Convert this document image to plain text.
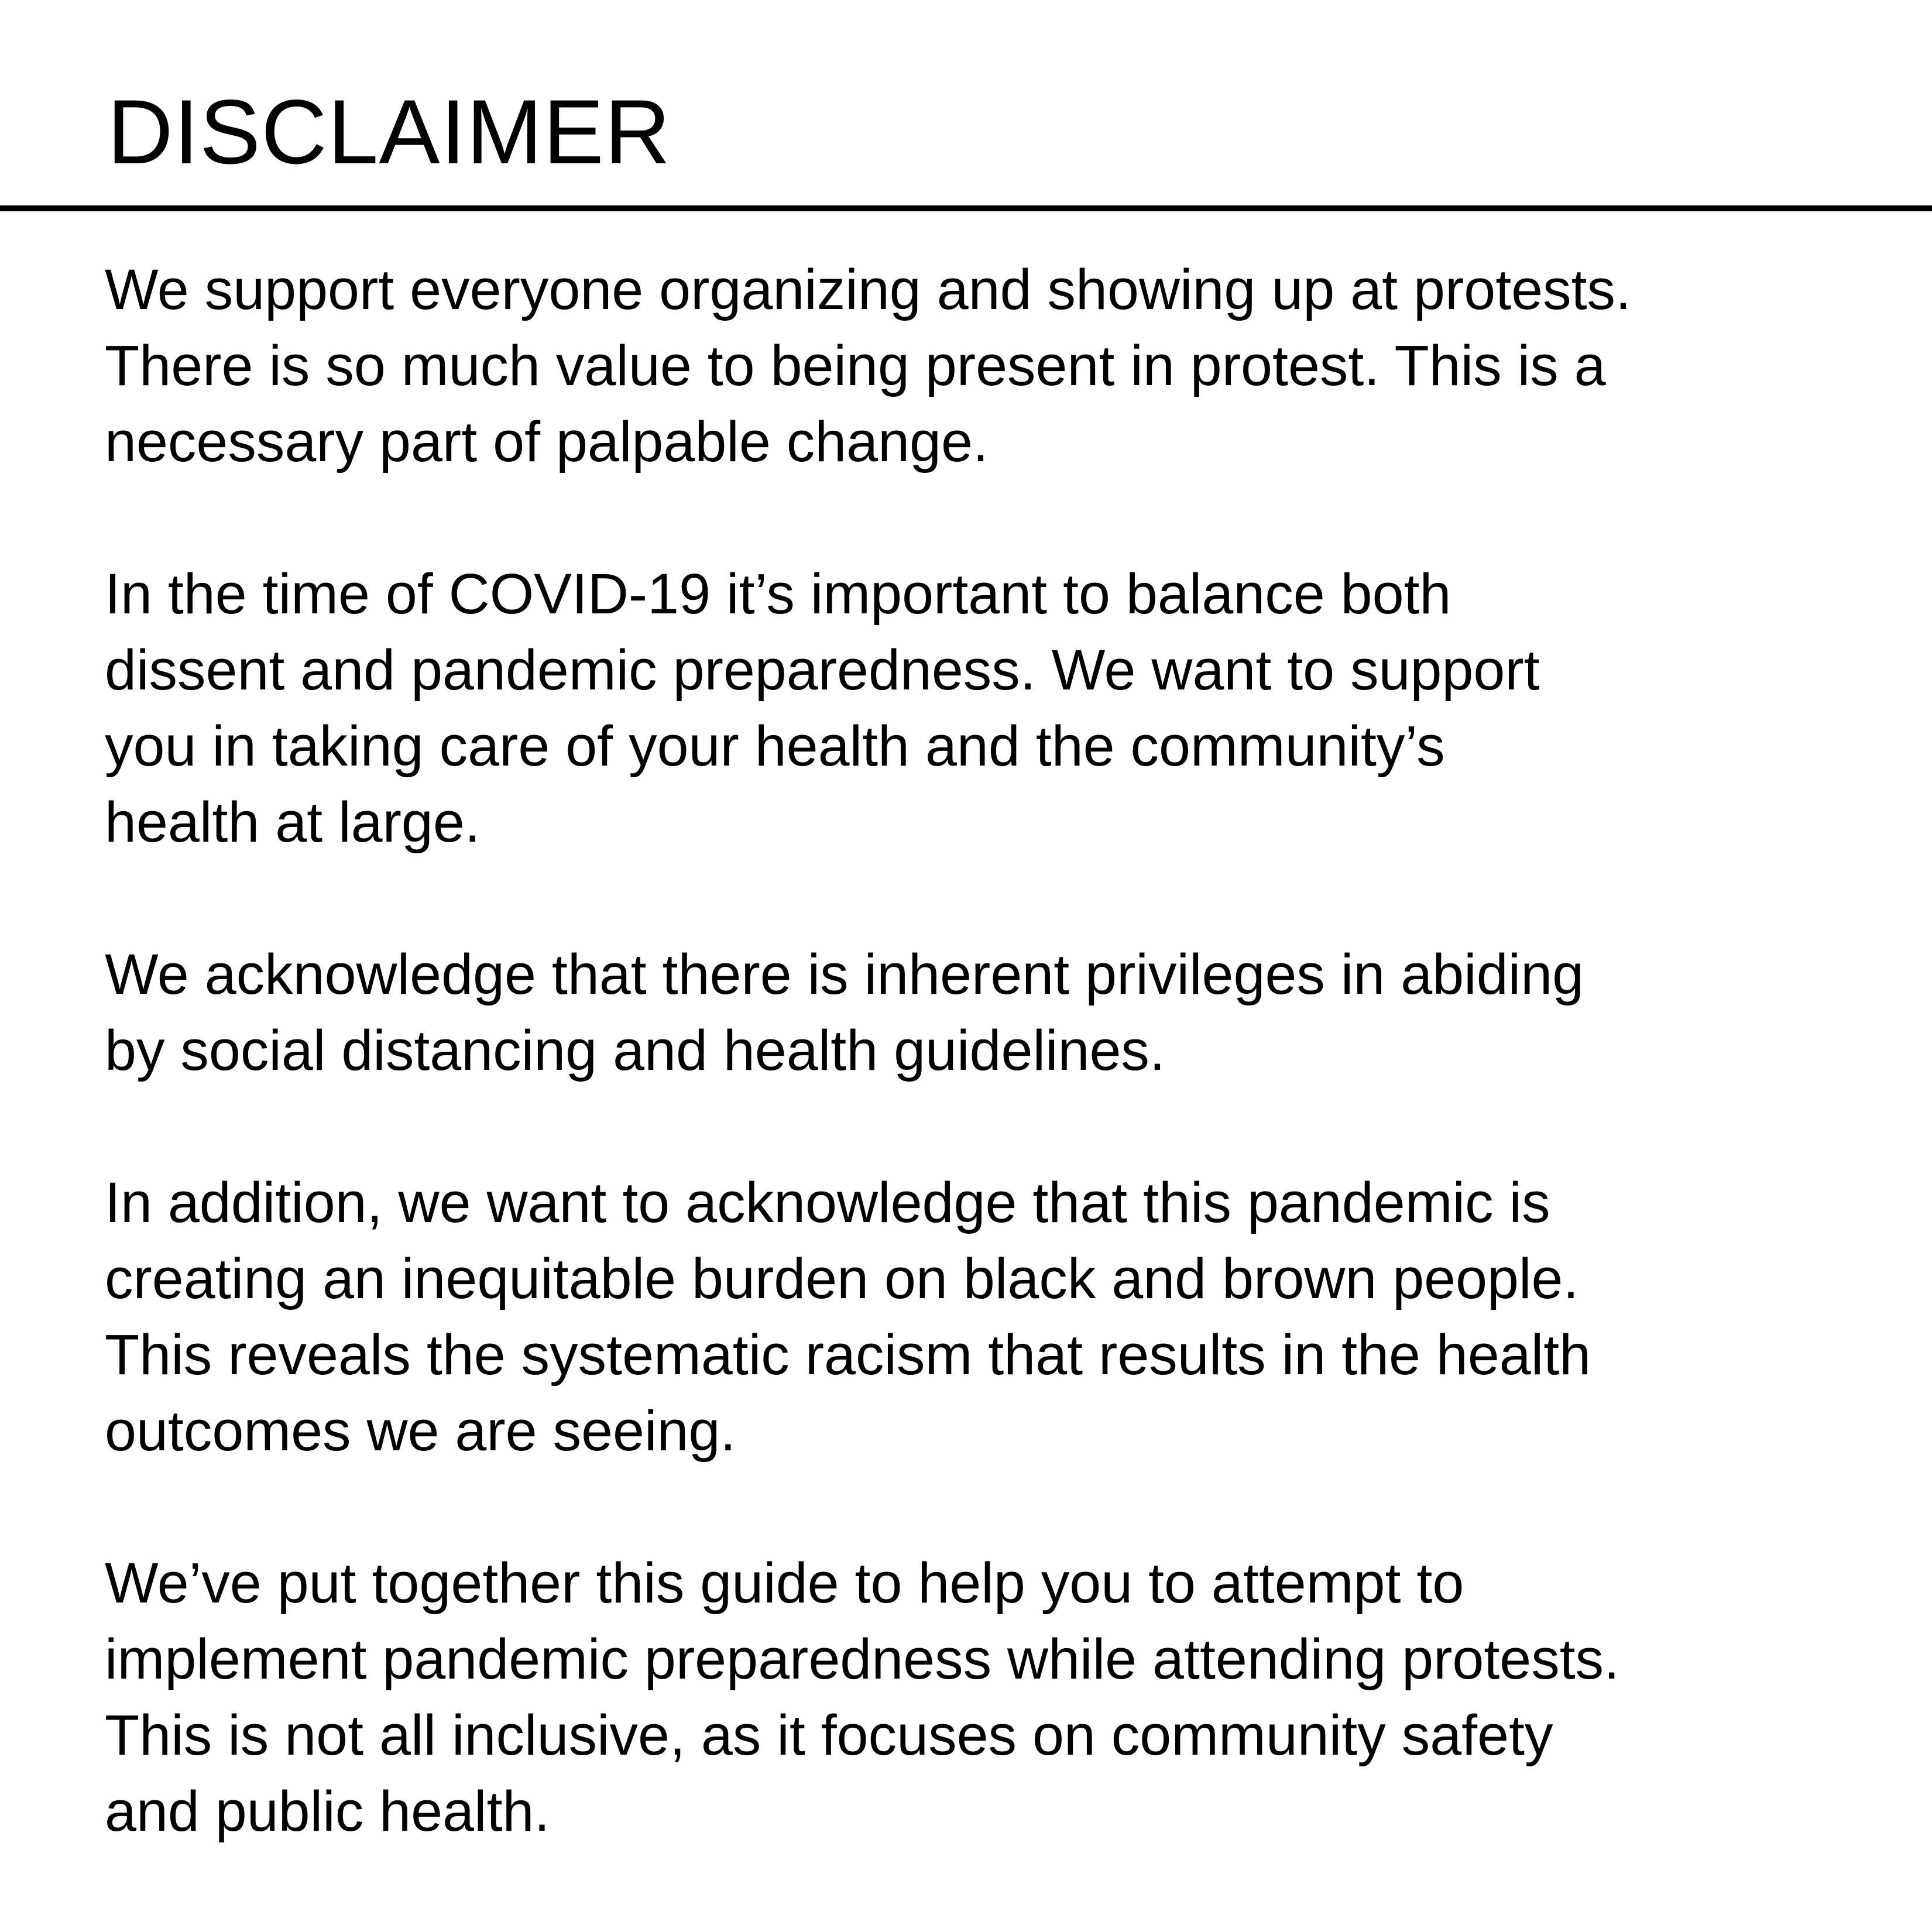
DISCLAIMER

We support everyone organizing and showing up at protests.
There is so much value to being present in protest. This is a
necessary part of palpable change.

In the time of COVID-19 it’s important to balance both
dissent and pandemic preparedness. We want to support
you in taking care of your health and the community’s
health at large.

We acknowledge that there is inherent privileges in abiding
by social distancing and health guidelines.

In addition, we want to acknowledge that this pandemic is
creating an inequitable burden on black and brown people.
This reveals the systematic racism that results in the health
outcomes we are seeing.

We’ve put together this guide to help you to attempt to
implement pandemic preparedness while attending protests.
This is not all inclusive, as it focuses on community safety
and public health.
